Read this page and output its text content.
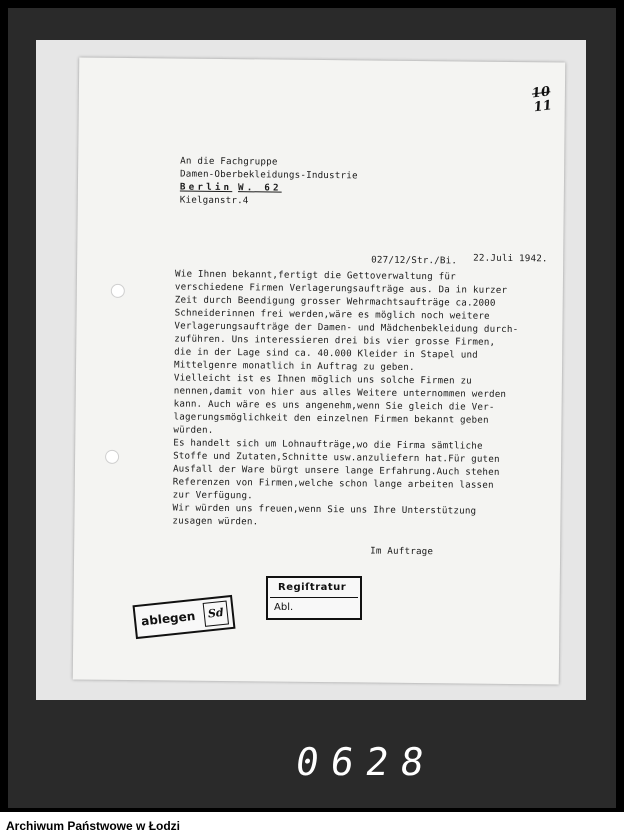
10
11
An die Fachgruppe
Damen-Oberbekleidungs-Industrie
Berlin W. 62
Kielganstr.4
027/12/Str./Bi. 22.Juli 1942.
Wie Ihnen bekannt,fertigt die Gettoverwaltung für
verschiedene Firmen Verlagerungsaufträge aus. Da in kurzer
Zeit durch Beendigung grosser Wehrmachtsaufträge ca.2000
Schneiderinnen frei werden,wäre es möglich noch weitere
Verlagerungsaufträge der Damen- und Mädchenbekleidung durch-
zuführen. Uns interessieren drei bis vier grosse Firmen,
die in der Lage sind ca. 40.000 Kleider in Stapel und
Mittelgenre monatlich in Auftrag zu geben.
Vielleicht ist es Ihnen möglich uns solche Firmen zu
nennen,damit von hier aus alles Weitere unternommen werden
kann. Auch wäre es uns angenehm,wenn Sie gleich die Ver-
lagerungsmöglichkeit den einzelnen Firmen bekannt geben
würden.
Es handelt sich um Lohnaufträge,wo die Firma sämtliche
Stoffe und Zutaten,Schnitte usw.anzuliefern hat.Für guten
Ausfall der Ware bürgt unsere lange Erfahrung.Auch stehen
Referenzen von Firmen,welche schon lange arbeiten lassen
zur Verfügung.
Wir würden uns freuen,wenn Sie uns Ihre Unterstützung
zusagen würden.
Im Auftrage
Regiſtratur
Abl.
ablegen	Sd
0628
Archiwum Państwowe w Łodzi
